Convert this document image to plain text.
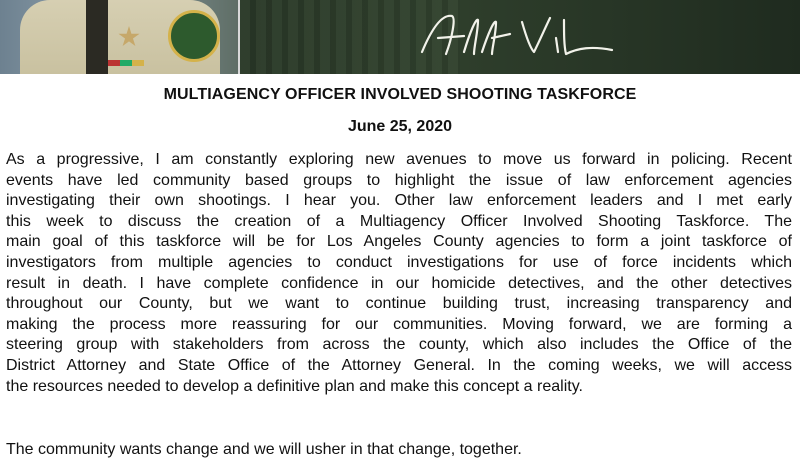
MULTIAGENCY OFFICER INVOLVED SHOOTING TASKFORCE
June 25, 2020
As a progressive, I am constantly exploring new avenues to move us forward in policing. Recent
events have led community based groups to highlight the issue of law enforcement agencies
investigating their own shootings. I hear you. Other law enforcement leaders and I met early
this week to discuss the creation of a Multiagency Officer Involved Shooting Taskforce. The
main goal of this taskforce will be for Los Angeles County agencies to form a joint taskforce of
investigators from multiple agencies to conduct investigations for use of force incidents which
result in death. I have complete confidence in our homicide detectives, and the other detectives
throughout our County, but we want to continue building trust, increasing transparency and
making the process more reassuring for our communities. Moving forward, we are forming a
steering group with stakeholders from across the county, which also includes the Office of the
District Attorney and State Office of the Attorney General. In the coming weeks, we will access
the resources needed to develop a definitive plan and make this concept a reality.

The community wants change and we will usher in that change, together.
